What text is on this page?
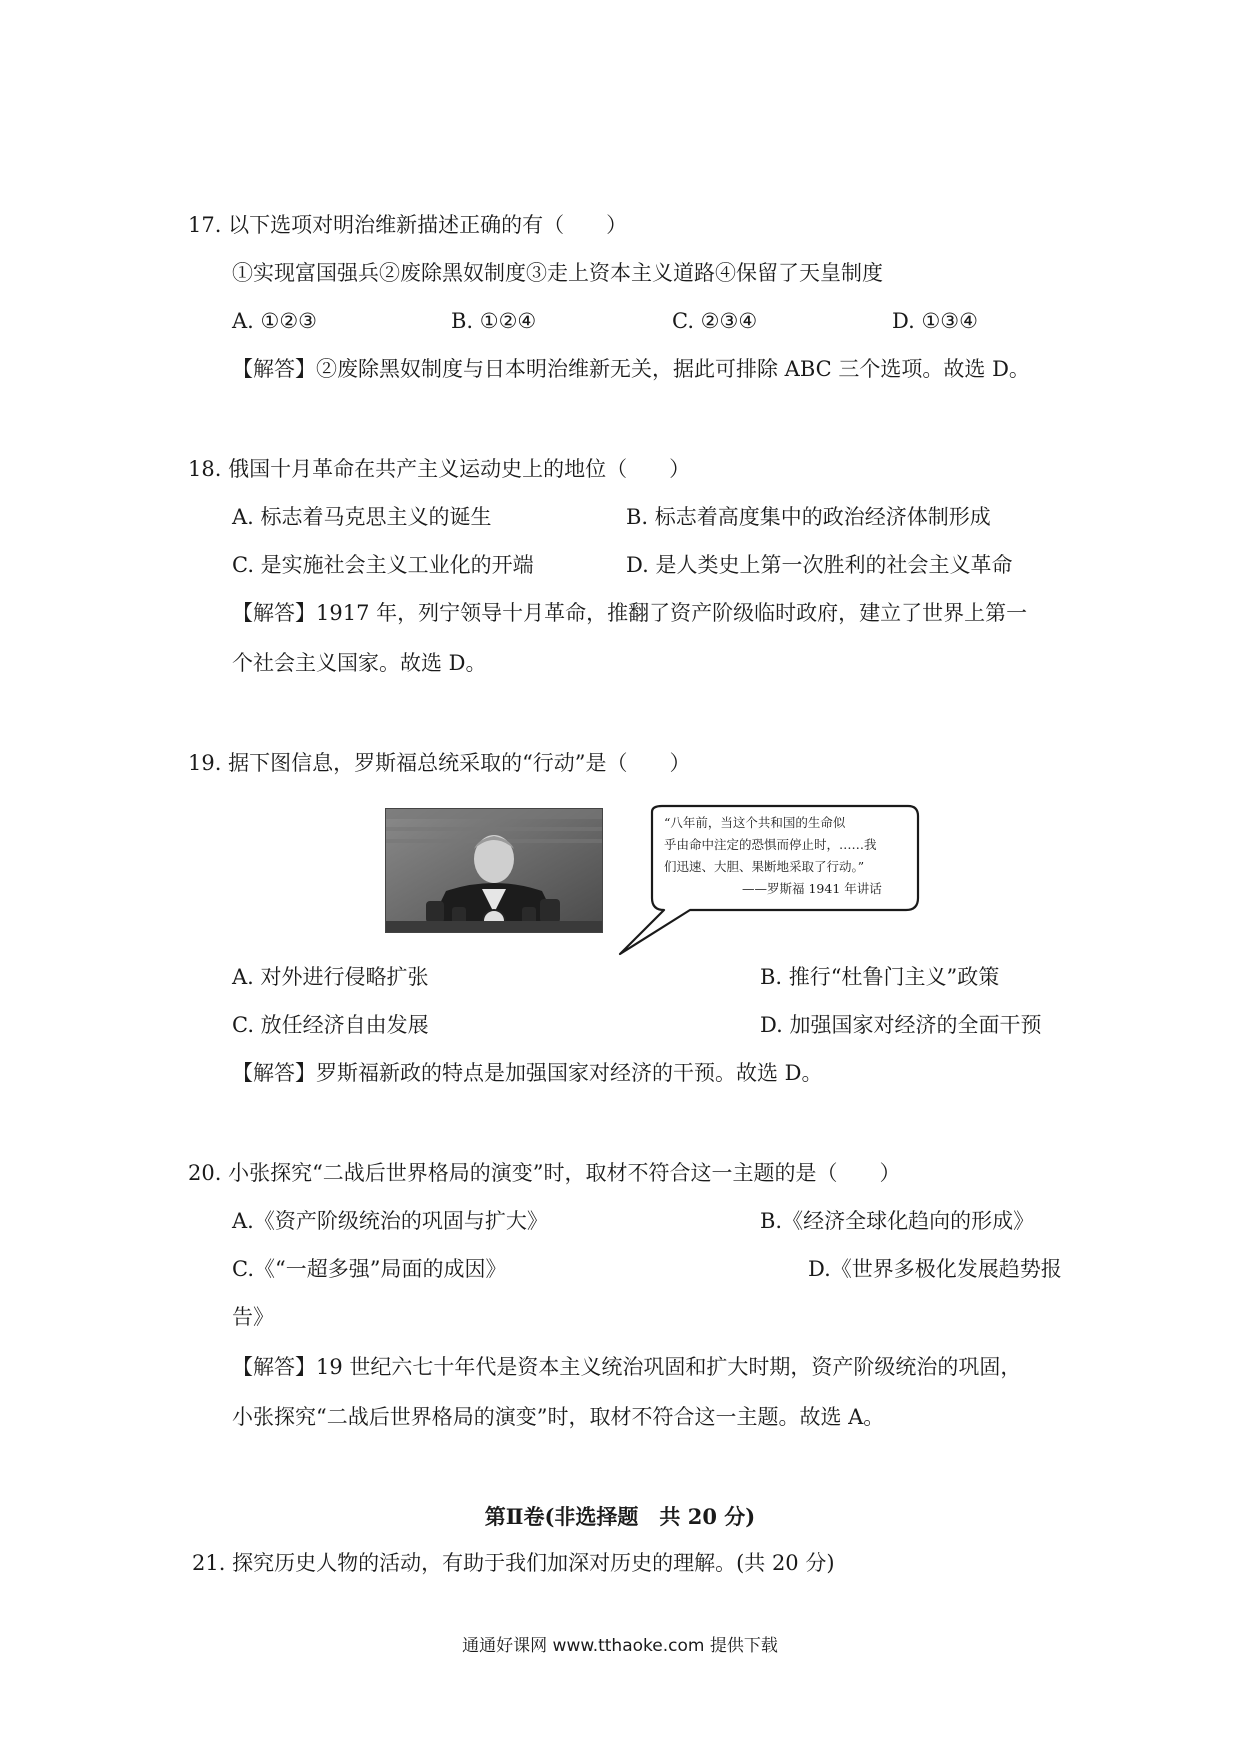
17. 以下选项对明治维新描述正确的有（　　）
①实现富国强兵②废除黑奴制度③走上资本主义道路④保留了天皇制度
A. ①②③	B. ①②④	C. ②③④	D. ①③④
【解答】②废除黑奴制度与日本明治维新无关，据此可排除 ABC 三个选项。故选 D。
18. 俄国十月革命在共产主义运动史上的地位（　　）
A. 标志着马克思主义的诞生	B. 标志着高度集中的政治经济体制形成
C. 是实施社会主义工业化的开端	D. 是人类史上第一次胜利的社会主义革命
【解答】1917 年，列宁领导十月革命，推翻了资产阶级临时政府，建立了世界上第一
个社会主义国家。故选 D。
19. 据下图信息，罗斯福总统采取的“行动”是（　　）
“八年前，当这个共和国的生命似
乎由命中注定的恐惧而停止时，……我
们迅速、大胆、果断地采取了行动。”
——罗斯福 1941 年讲话
A. 对外进行侵略扩张	B. 推行“杜鲁门主义”政策
C. 放任经济自由发展	D. 加强国家对经济的全面干预
【解答】罗斯福新政的特点是加强国家对经济的干预。故选 D。
20. 小张探究“二战后世界格局的演变”时，取材不符合这一主题的是（　　）
A.《资产阶级统治的巩固与扩大》	B.《经济全球化趋向的形成》
C.《“一超多强”局面的成因》	D.《世界多极化发展趋势报
告》
【解答】19 世纪六七十年代是资本主义统治巩固和扩大时期，资产阶级统治的巩固，
小张探究“二战后世界格局的演变”时，取材不符合这一主题。故选 A。
第Ⅱ卷(非选择题　共 20 分)
21. 探究历史人物的活动，有助于我们加深对历史的理解。(共 20 分)
通通好课网 www.tthaoke.com 提供下载
